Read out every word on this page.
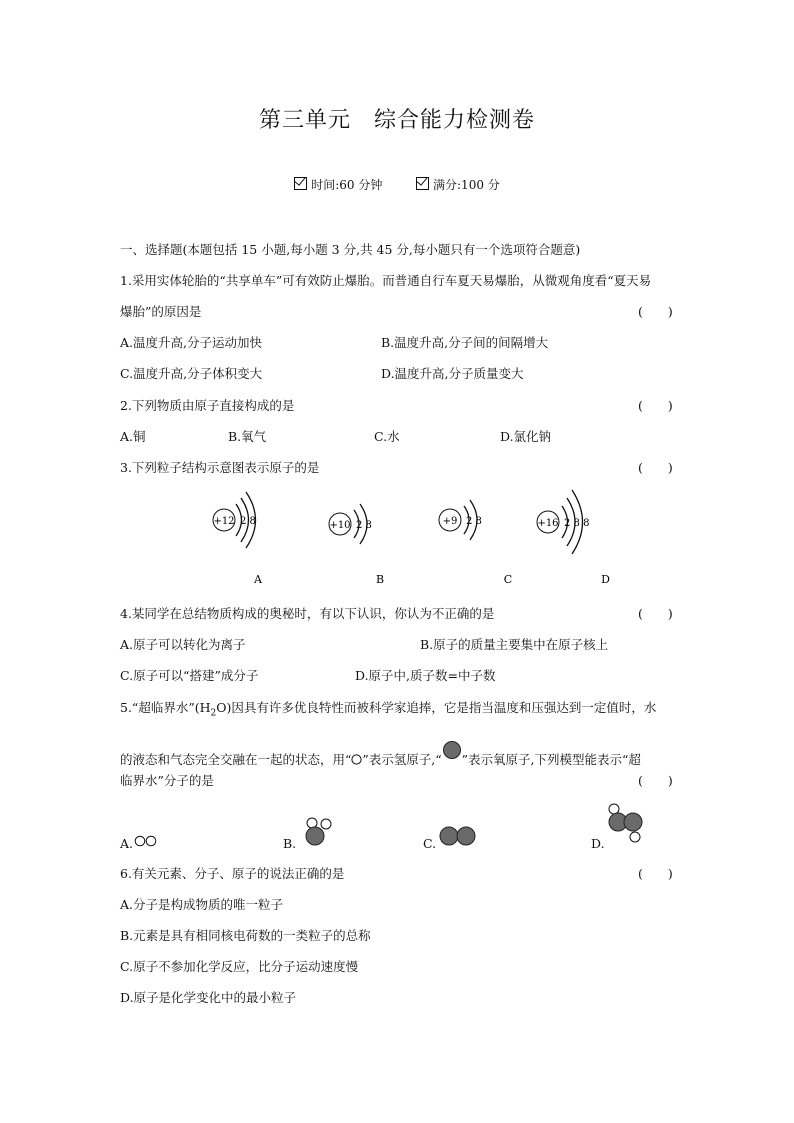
第三单元　综合能力检测卷
时间:60 分钟	满分:100 分
一、选择题(本题包括 15 小题,每小题 3 分,共 45 分,每小题只有一个选项符合题意)
1.采用实体轮胎的“共享单车”可有效防止爆胎。而普通自行车夏天易爆胎，从微观角度看“夏天易
爆胎”的原因是	(　　)
A.温度升高,分子运动加快	B.温度升高,分子间的间隔增大
C.温度升高,分子体积变大	D.温度升高,分子质量变大
2.下列物质由原子直接构成的是	(　　)
A.铜	B.氧气	C.水	D.氯化钠
3.下列粒子结构示意图表示原子的是	(　　)
+12 2 8
A
+10 2 8
B
+9 2 8
C
+16 2 8 8
D
4.某同学在总结物质构成的奥秘时，有以下认识，你认为不正确的是	(　　)
A.原子可以转化为离子	B.原子的质量主要集中在原子核上
C.原子可以“搭建”成分子	D.原子中,质子数=中子数
5.“超临界水$”(H_2O)$因具有许多优良特性而被科学家追捧，它是指当温度和压强达到一定值时，水
的液态和气态完全交融在一起的状态，用“ ”表示氢原子,“ ”表示氧原子,下列模型能表示“超
临界水”分子的是	(　　)
A.	B.	C.	D.
6.有关元素、分子、原子的说法正确的是	(　　)
A.分子是构成物质的唯一粒子
B.元素是具有相同核电荷数的一类粒子的总称
C.原子不参加化学反应，比分子运动速度慢
D.原子是化学变化中的最小粒子
